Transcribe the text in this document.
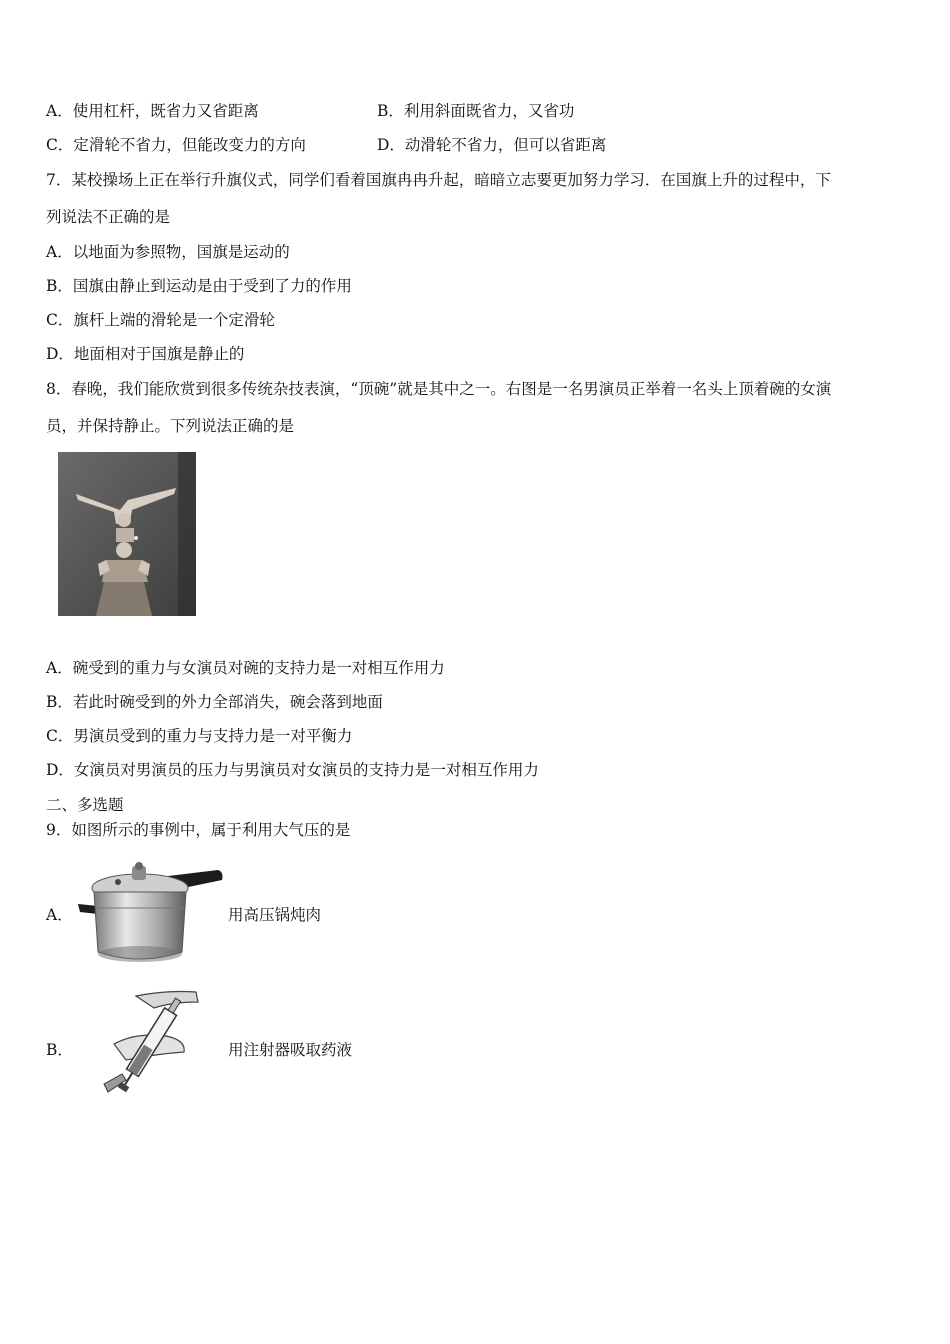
A．使用杠杆，既省力又省距离	B．利用斜面既省力，又省功
C．定滑轮不省力，但能改变力的方向	D．动滑轮不省力，但可以省距离
7．某校操场上正在举行升旗仪式，同学们看着国旗冉冉升起，暗暗立志要更加努力学习．在国旗上升的过程中，下
列说法不正确的是
A．以地面为参照物，国旗是运动的
B．国旗由静止到运动是由于受到了力的作用
C．旗杆上端的滑轮是一个定滑轮
D．地面相对于国旗是静止的
8．春晚，我们能欣赏到很多传统杂技表演，“顶碗”就是其中之一。右图是一名男演员正举着一名头上顶着碗的女演
员，并保持静止。下列说法正确的是
A．碗受到的重力与女演员对碗的支持力是一对相互作用力
B．若此时碗受到的外力全部消失，碗会落到地面
C．男演员受到的重力与支持力是一对平衡力
D．女演员对男演员的压力与男演员对女演员的支持力是一对相互作用力
二、多选题
9．如图所示的事例中，属于利用大气压的是
A．	用高压锅炖肉
B．	用注射器吸取药液
